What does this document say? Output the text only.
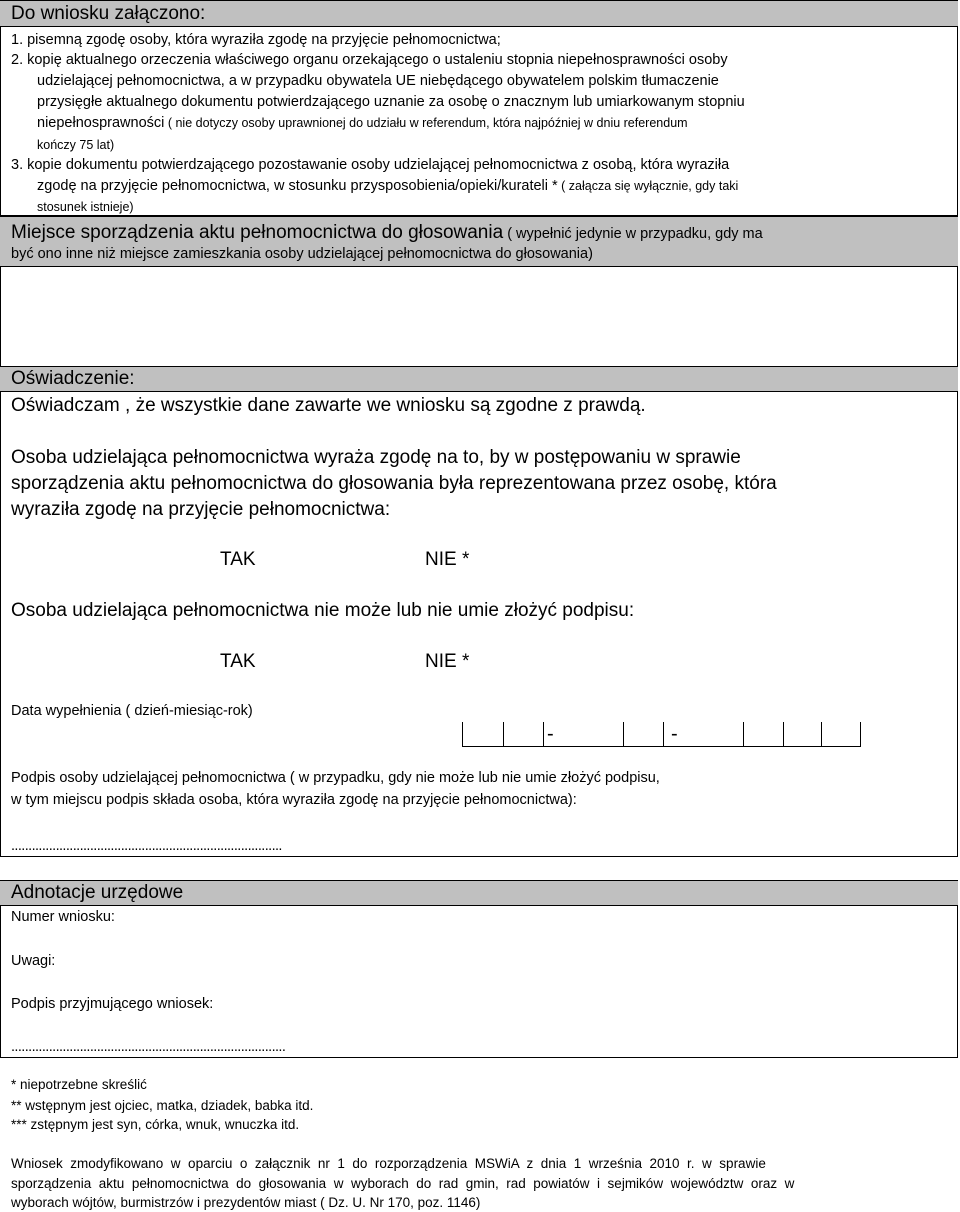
Do wniosku załączono:
1. pisemną zgodę osoby, która wyraziła zgodę na przyjęcie pełnomocnictwa;
2. kopię aktualnego orzeczenia właściwego organu orzekającego o ustaleniu stopnia niepełnosprawności osoby
udzielającej pełnomocnictwa, a w przypadku obywatela UE niebędącego obywatelem polskim tłumaczenie
przysięgłe aktualnego dokumentu potwierdzającego uznanie za osobę o znacznym lub umiarkowanym stopniu
niepełnosprawności ( nie dotyczy osoby uprawnionej do udziału w referendum, która najpóźniej w dniu referendum
kończy 75 lat)
3. kopie dokumentu potwierdzającego pozostawanie osoby udzielającej pełnomocnictwa z osobą, która wyraziła
zgodę na przyjęcie pełnomocnictwa, w stosunku przysposobienia/opieki/kurateli * ( załącza się wyłącznie, gdy taki
stosunek istnieje)
Miejsce sporządzenia aktu pełnomocnictwa do głosowania ( wypełnić jedynie w przypadku, gdy ma
być ono inne niż miejsce zamieszkania osoby udzielającej pełnomocnictwa do głosowania)
Oświadczenie:
Oświadczam , że wszystkie dane zawarte we wniosku są zgodne z prawdą.
Osoba udzielająca pełnomocnictwa wyraża zgodę na to, by w postępowaniu w sprawie
sporządzenia aktu pełnomocnictwa do głosowania była reprezentowana przez osobę, która
wyraziła zgodę na przyjęcie pełnomocnictwa:
TAK	NIE *
Osoba udzielająca pełnomocnictwa nie może lub nie umie złożyć podpisu:
TAK	NIE *
Data wypełnienia ( dzień-miesiąc-rok)
-	-
Podpis osoby udzielającej pełnomocnictwa ( w przypadku, gdy nie może lub nie umie złożyć podpisu,
w tym miejscu podpis składa osoba, która wyraziła zgodę na przyjęcie pełnomocnictwa):
...............................................................................
Adnotacje urzędowe
Numer wniosku:
Uwagi:
Podpis przyjmującego wniosek:
................................................................................
* niepotrzebne skreślić
** wstępnym jest ojciec, matka, dziadek, babka itd.
*** zstępnym jest syn, córka, wnuk, wnuczka itd.
Wniosek  zmodyfikowano  w  oparciu  o  załącznik  nr  1  do  rozporządzenia  MSWiA  z  dnia  1  września  2010  r.  w  sprawie
sporządzenia  aktu  pełnomocnictwa  do  głosowania  w  wyborach  do  rad  gmin,  rad  powiatów  i  sejmików  województw  oraz  w
wyborach wójtów, burmistrzów i prezydentów miast ( Dz. U. Nr 170, poz. 1146)
